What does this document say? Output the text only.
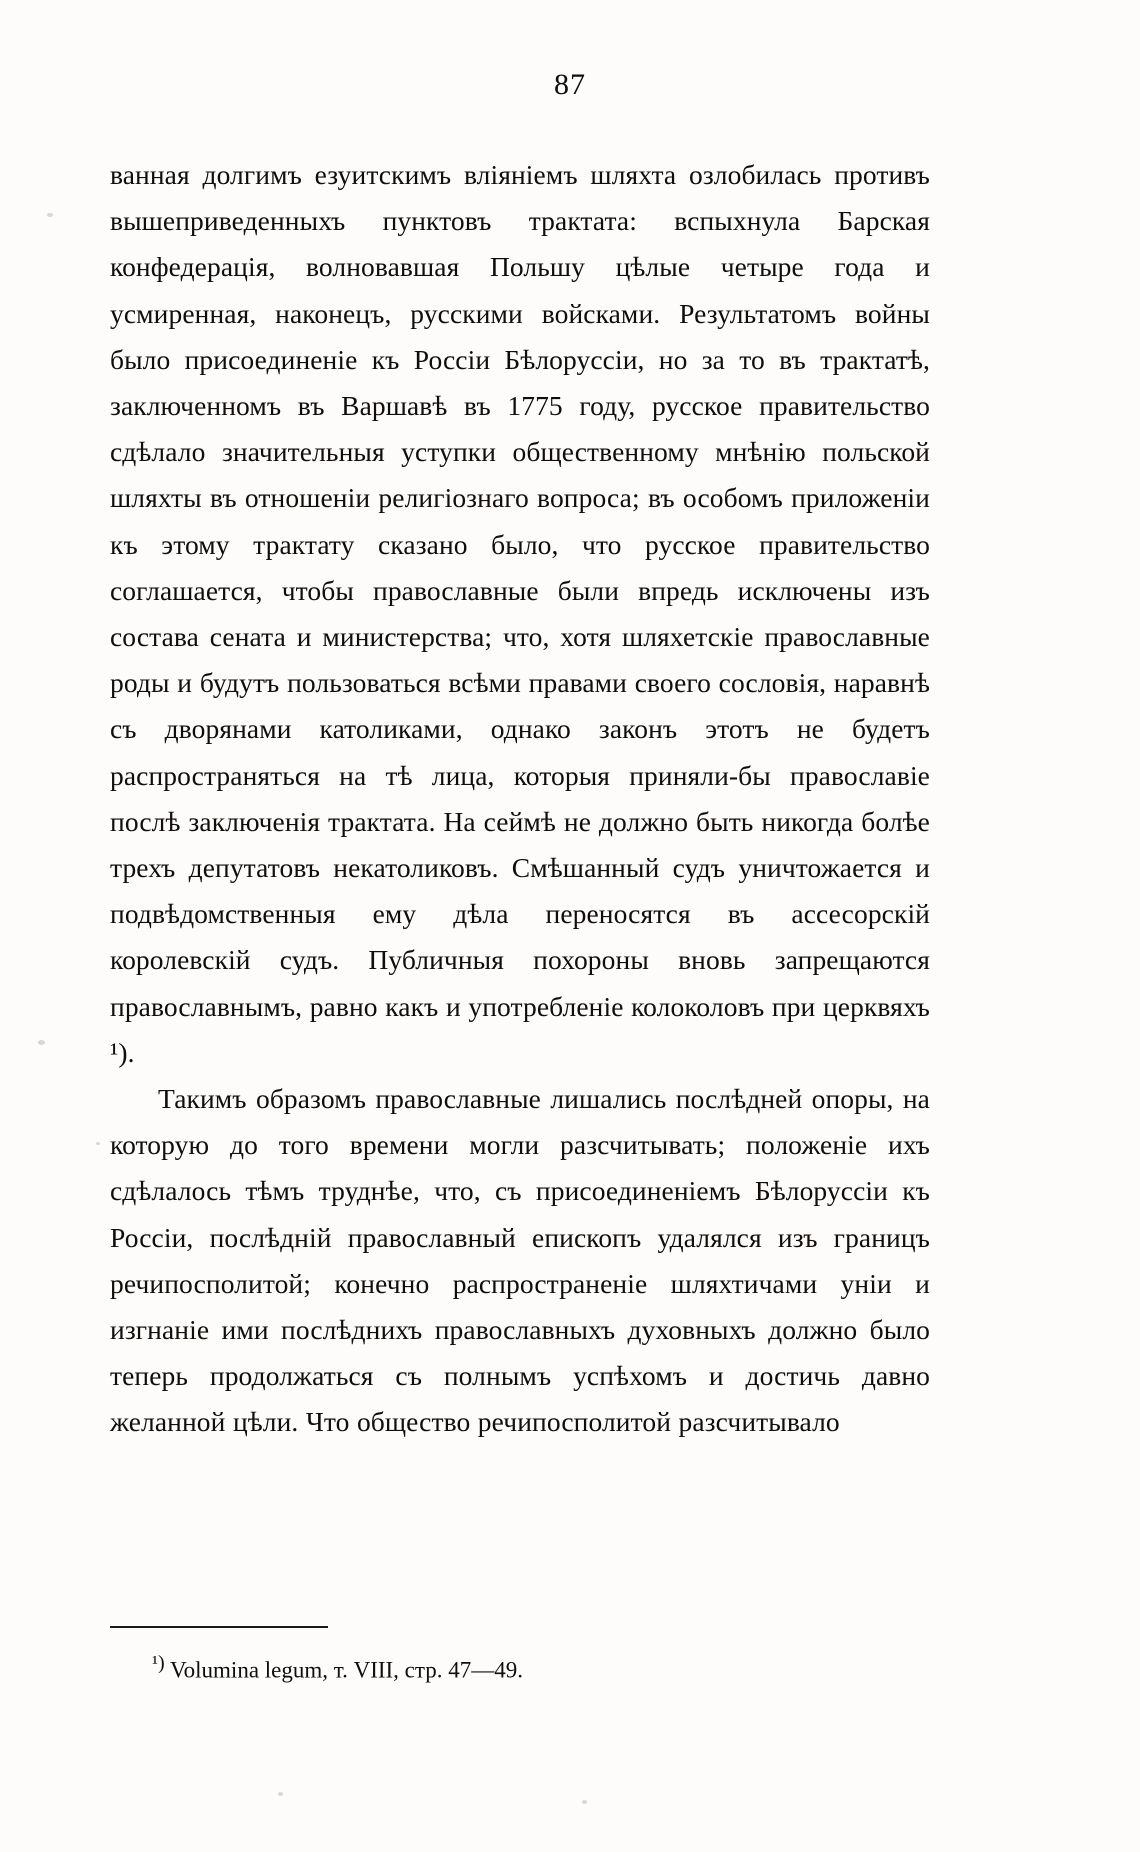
87

ванная долгимъ езуитскимъ вліяніемъ шляхта озлобилась противъ вышеприведенныхъ пунктовъ трактата: вспыхнула Барская конфедерація, волновавшая Польшу цѣлые четыре года и усмиренная, наконецъ, русскими войсками. Результатомъ войны было присоединеніе къ Россіи Бѣлоруссіи, но за то въ трактатѣ, заключенномъ въ Варшавѣ въ 1775 году, русское правительство сдѣлало значительныя уступки общественному мнѣнію польской шляхты въ отношеніи религіознаго вопроса; въ особомъ приложеніи къ этому трактату сказано было, что русское правительство соглашается, чтобы православные были впредь исключены изъ состава сената и министерства; что, хотя шляхетскіе православные роды и будутъ пользоваться всѣми правами своего сословія, наравнѣ съ дворянами католиками, однако законъ этотъ не будетъ распространяться на тѣ лица, которыя приняли-бы православіе послѣ заключенія трактата. На сеймѣ не должно быть никогда болѣе трехъ депутатовъ некатоликовъ. Смѣшанный судъ уничтожается и подвѣдомственныя ему дѣла переносятся въ ассесорскій королевскій судъ. Публичныя похороны вновь запрещаются православнымъ, равно какъ и употребленіе колоколовъ при церквяхъ ¹).

Такимъ образомъ православные лишались послѣдней опоры, на которую до того времени могли разсчитывать; положеніе ихъ сдѣлалось тѣмъ труднѣе, что, съ присоединеніемъ Бѣлоруссіи къ Россіи, послѣдній православный епископъ удалялся изъ границъ речипосполитой; конечно распространеніе шляхтичами уніи и изгнаніе ими послѣднихъ православныхъ духовныхъ должно было теперь продолжаться съ полнымъ успѣхомъ и достичь давно желанной цѣли. Что общество речипосполитой разсчитывало

¹) Volumina legum, т. VIII, стр. 47—49.
